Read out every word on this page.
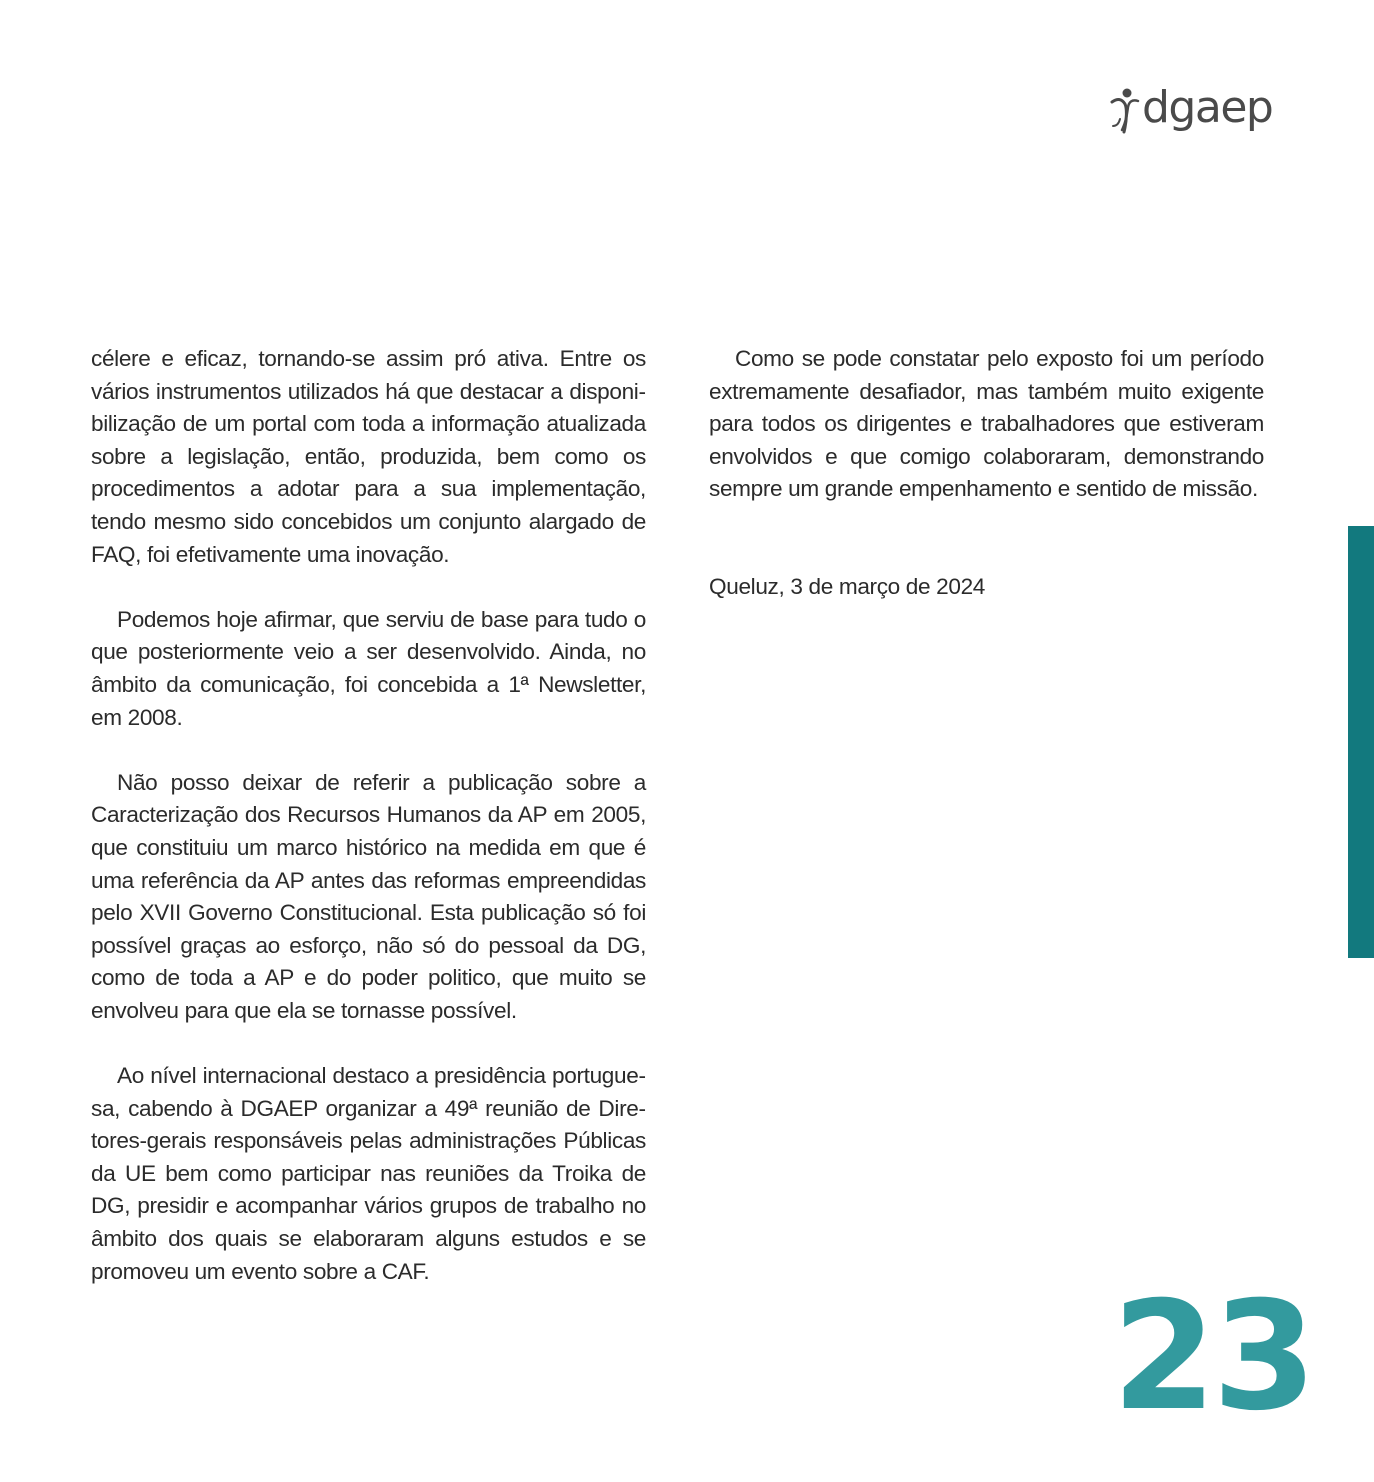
dgaep

célere e eficaz, tornando-se assim pró ativa. Entre os vários instrumentos utilizados há que destacar a disponibilização de um portal com toda a informação atualizada sobre a legislação, então, produzida, bem como os procedimentos a adotar para a sua implementação, tendo mesmo sido concebidos um conjunto alargado de FAQ, foi efetivamente uma inovação.

Podemos hoje afirmar, que serviu de base para tudo o que posteriormente veio a ser desenvolvido. Ainda, no âmbito da comunicação, foi concebida a 1ª Newsletter, em 2008.

Não posso deixar de referir a publicação sobre a Caracterização dos Recursos Humanos da AP em 2005, que constituiu um marco histórico na medida em que é uma referência da AP antes das reformas empreendidas pelo XVII Governo Constitucional. Esta publicação só foi possível graças ao esforço, não só do pessoal da DG, como de toda a AP e do poder politico, que muito se envolveu para que ela se tornasse possível.

Ao nível internacional destaco a presidência portuguesa, cabendo à DGAEP organizar a 49ª reunião de Diretores-gerais responsáveis pelas administrações Públicas da UE bem como participar nas reuniões da Troika de DG, presidir e acompanhar vários grupos de trabalho no âmbito dos quais se elaboraram alguns estudos e se promoveu um evento sobre a CAF.

Como se pode constatar pelo exposto foi um período extremamente desafiador, mas também muito exigente para todos os dirigentes e trabalhadores que estiveram envolvidos e que comigo colaboraram, demonstrando sempre um grande empenhamento e sentido de missão.

Queluz, 3 de março de 2024

23
